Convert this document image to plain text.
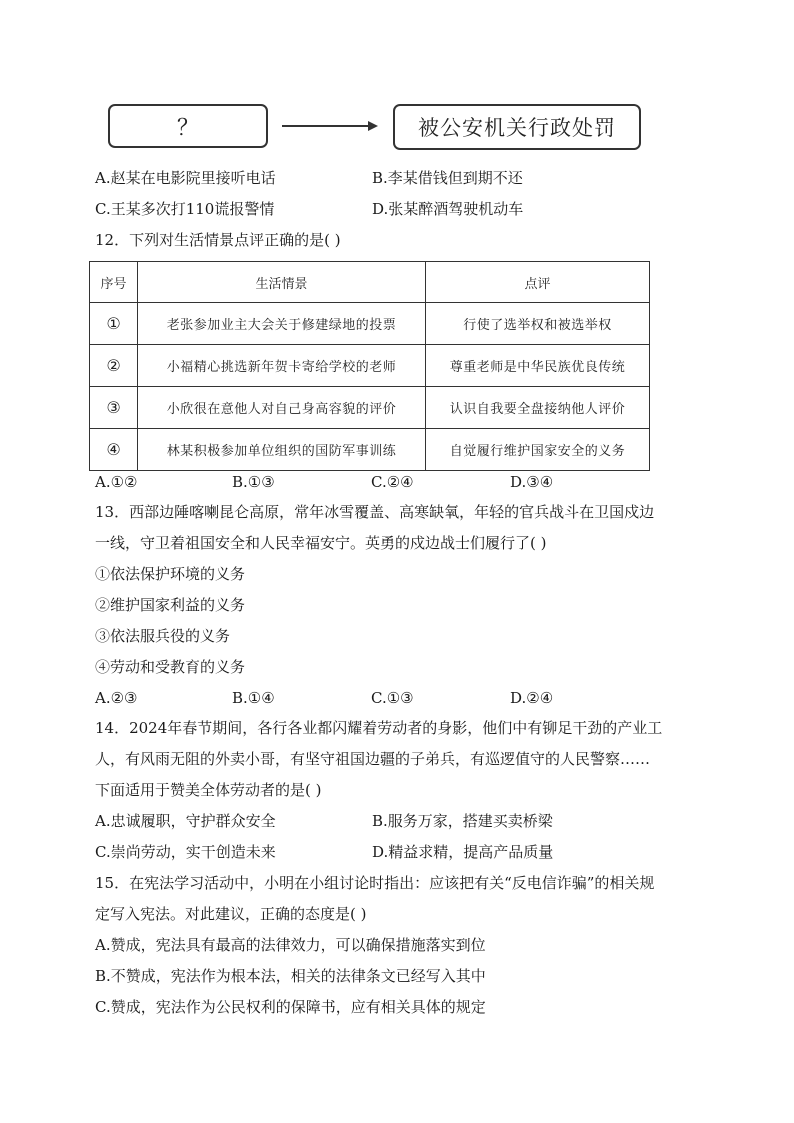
？	被公安机关行政处罚
A.赵某在电影院里接听电话	B.李某借钱但到期不还
C.王某多次打110谎报警情	D.张某醉酒驾驶机动车
12．下列对生活情景点评正确的是( )
序号	生活情景	点评
①	老张参加业主大会关于修建绿地的投票	行使了选举权和被选举权
②	小福精心挑选新年贺卡寄给学校的老师	尊重老师是中华民族优良传统
③	小欣很在意他人对自己身高容貌的评价	认识自我要全盘接纳他人评价
④	林某积极参加单位组织的国防军事训练	自觉履行维护国家安全的义务
A.①②	B.①③	C.②④	D.③④
13．西部边陲喀喇昆仑高原，常年冰雪覆盖、高寒缺氧，年轻的官兵战斗在卫国戍边
一线，守卫着祖国安全和人民幸福安宁。英勇的戍边战士们履行了( )
①依法保护环境的义务
②维护国家利益的义务
③依法服兵役的义务
④劳动和受教育的义务
A.②③	B.①④	C.①③	D.②④
14．2024年春节期间，各行各业都闪耀着劳动者的身影，他们中有铆足干劲的产业工
人，有风雨无阻的外卖小哥，有坚守祖国边疆的子弟兵，有巡逻值守的人民警察……
下面适用于赞美全体劳动者的是( )
A.忠诚履职，守护群众安全	B.服务万家，搭建买卖桥梁
C.崇尚劳动，实干创造未来	D.精益求精，提高产品质量
15．在宪法学习活动中，小明在小组讨论时指出：应该把有关“反电信诈骗”的相关规
定写入宪法。对此建议，正确的态度是( )
A.赞成，宪法具有最高的法律效力，可以确保措施落实到位
B.不赞成，宪法作为根本法，相关的法律条文已经写入其中
C.赞成，宪法作为公民权利的保障书，应有相关具体的规定
